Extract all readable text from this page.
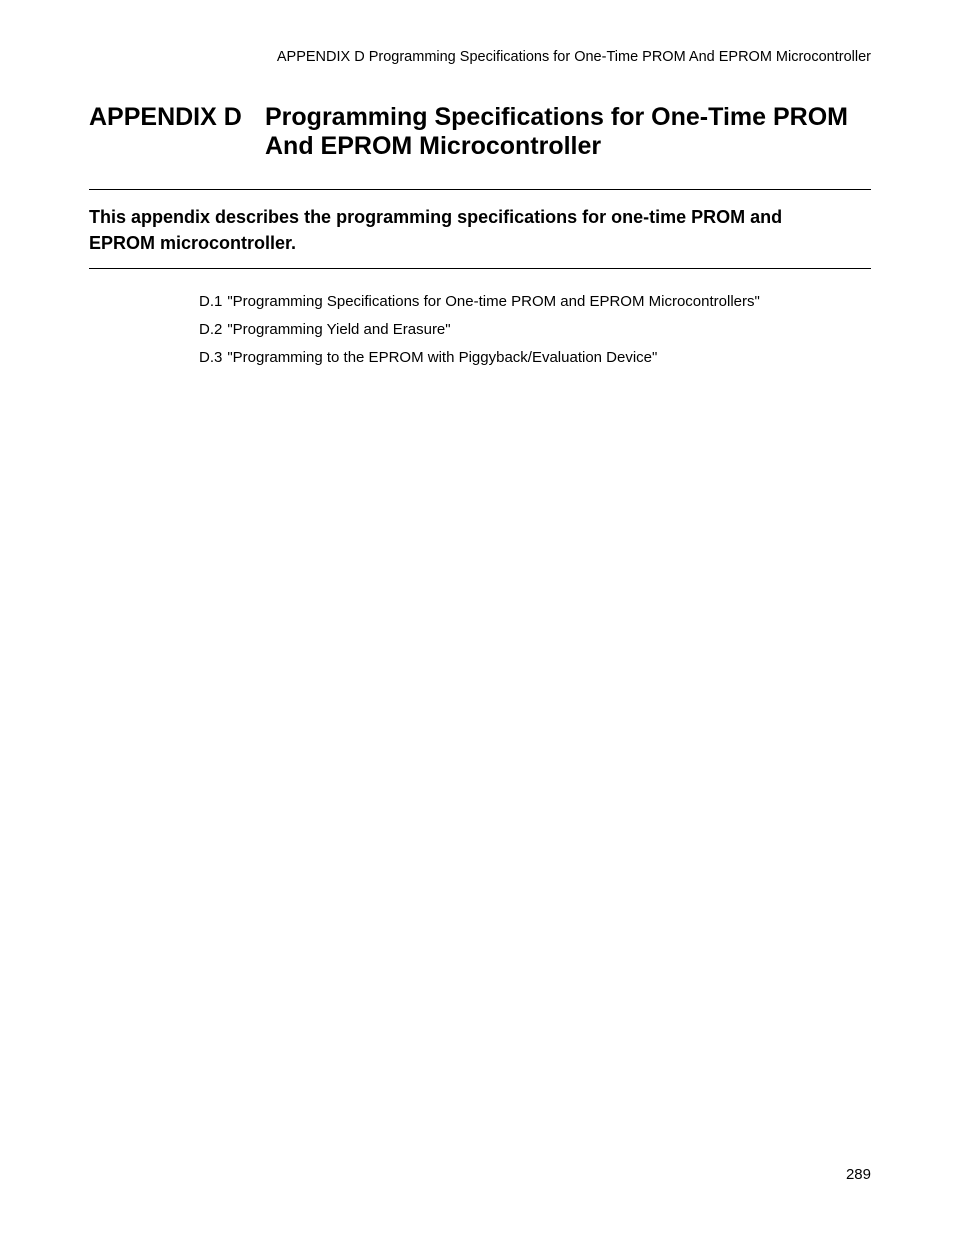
APPENDIX D Programming Specifications for One-Time PROM And EPROM Microcontroller
APPENDIX D Programming Specifications for One-Time PROM
And EPROM Microcontroller
This appendix describes the programming specifications for one-time PROM and
EPROM microcontroller.
D.1 "Programming Specifications for One-time PROM and EPROM Microcontrollers"
D.2 "Programming Yield and Erasure"
D.3 "Programming to the EPROM with Piggyback/Evaluation Device"
289
